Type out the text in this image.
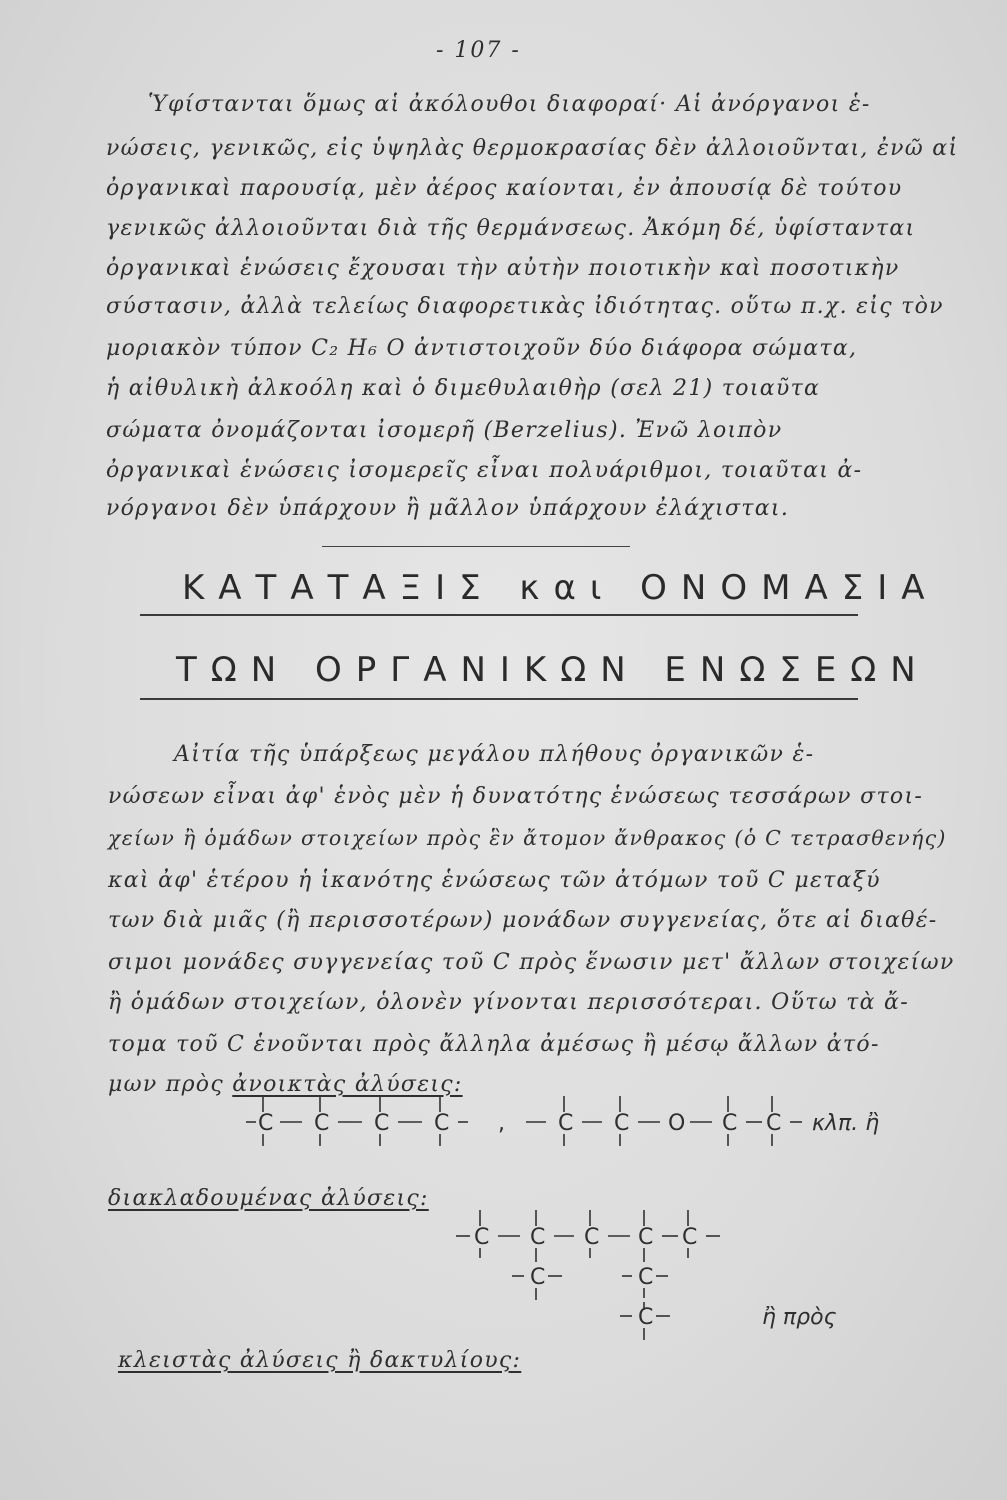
- 107 -
Ὑφίστανται ὅμως αἱ ἀκόλουθοι διαφοραί· Αἱ ἀνόργανοι ἑ-
νώσεις, γενικῶς, εἰς ὑψηλὰς θερμοκρασίας δὲν ἀλλοιοῦνται, ἐνῶ αἱ
ὀργανικαὶ παρουσίᾳ, μὲν ἀέρος καίονται, ἐν ἀπουσίᾳ δὲ τούτου
γενικῶς ἀλλοιοῦνται διὰ τῆς θερμάνσεως. Ἀκόμη δέ, ὑφίστανται
ὀργανικαὶ ἑνώσεις ἔχουσαι τὴν αὐτὴν ποιοτικὴν καὶ ποσοτικὴν
σύστασιν, ἀλλὰ τελείως διαφορετικὰς ἰδιότητας. οὕτω π.χ. εἰς τὸν
μοριακὸν τύπον C₂ H₆ O ἀντιστοιχοῦν δύο διάφορα σώματα,
ἡ αἰθυλικὴ ἀλκοόλη καὶ ὁ διμεθυλαιθὴρ (σελ 21) τοιαῦτα
σώματα ὀνομάζονται ἰσομερῆ (Berzelius). Ἐνῶ λοιπὸν
ὀργανικαὶ ἑνώσεις ἰσομερεῖς εἶναι πολυάριθμοι, τοιαῦται ἀ-
νόργανοι δὲν ὑπάρχουν ἢ μᾶλλον ὑπάρχουν ἐλάχισται.
ΚΑΤΑΤΑΞΙΣ και ΟΝΟΜΑΣΙΑ
ΤΩΝ ΟΡΓΑΝΙΚΩΝ ΕΝΩΣΕΩΝ
Αἰτία τῆς ὑπάρξεως μεγάλου πλήθους ὀργανικῶν ἑ-
νώσεων εἶναι ἀφ' ἑνὸς μὲν ἡ δυνατότης ἑνώσεως τεσσάρων στοι-
χείων ἢ ὁμάδων στοιχείων πρὸς ἓν ἄτομον ἄνθρακος (ὁ C τετρασθενής)
καὶ ἀφ' ἑτέρου ἡ ἱκανότης ἑνώσεως τῶν ἀτόμων τοῦ C μεταξύ
των διὰ μιᾶς (ἢ περισσοτέρων) μονάδων συγγενείας, ὅτε αἱ διαθέ-
σιμοι μονάδες συγγενείας τοῦ C πρὸς ἕνωσιν μετ' ἄλλων στοιχείων
ἢ ὁμάδων στοιχείων, ὁλονὲν γίνονται περισσότεραι. Οὕτω τὰ ἄ-
τομα τοῦ C ἑνοῦνται πρὸς ἄλληλα ἀμέσως ἢ μέσῳ ἄλλων ἀτό-
μων πρὸς ἀνοικτὰς ἀλύσεις:
C C C C , C C O C C κλπ. ἢ
διακλαδουμένας ἀλύσεις:
C C C C C
C	C
C	ἢ πρὸς
κλειστὰς ἀλύσεις ἢ δακτυλίους:
